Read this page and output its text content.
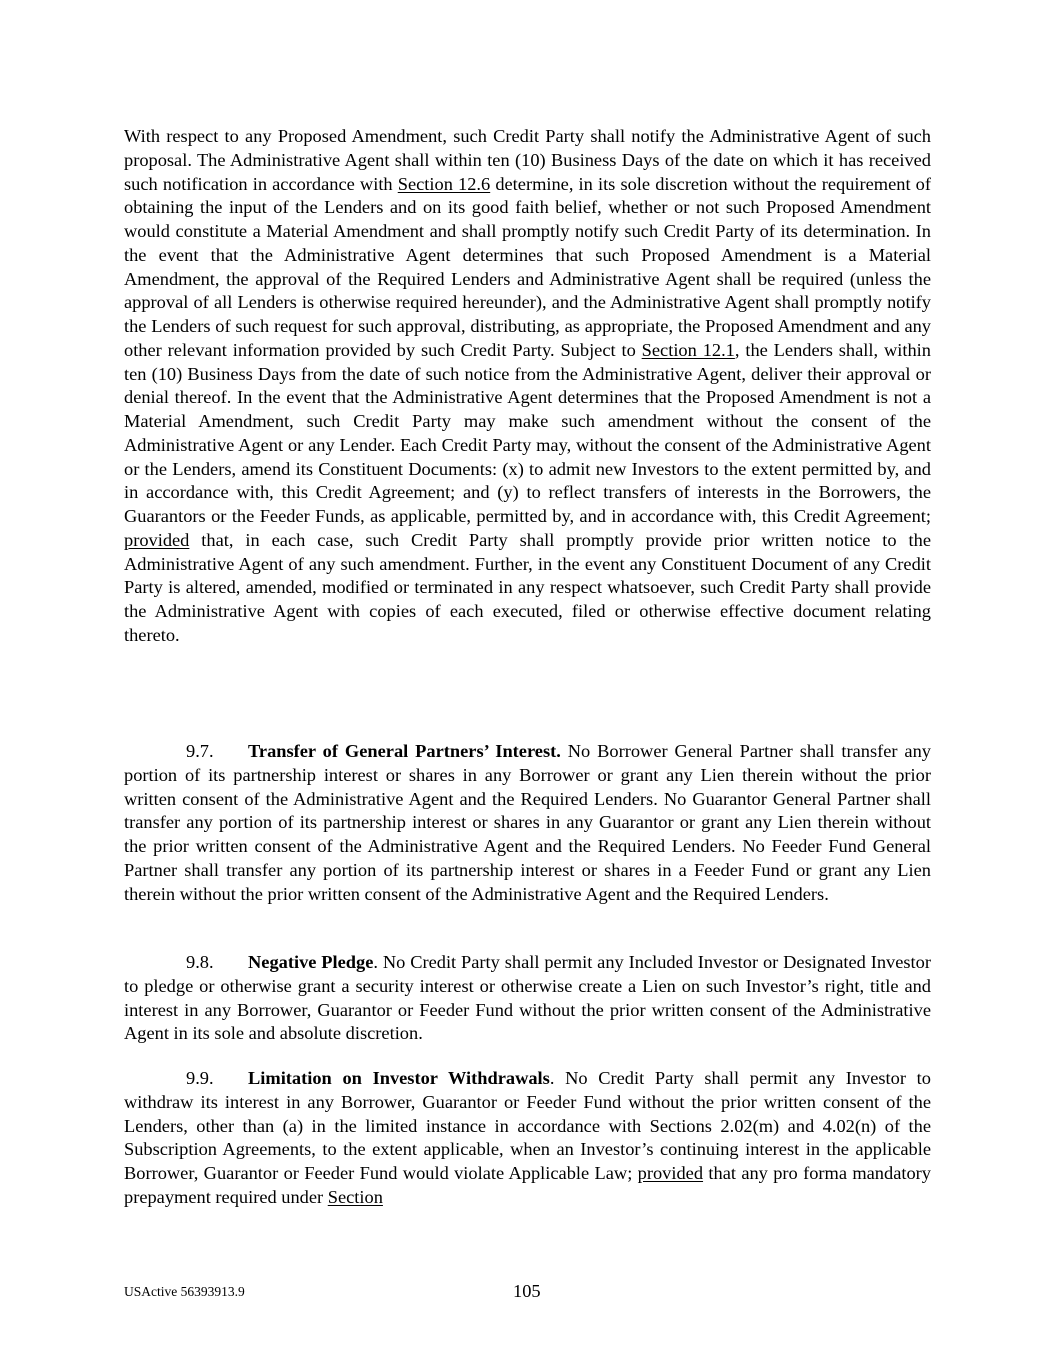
With respect to any Proposed Amendment, such Credit Party shall notify the Administrative Agent of such proposal. The Administrative Agent shall within ten (10) Business Days of the date on which it has received such notification in accordance with Section 12.6 determine, in its sole discretion without the requirement of obtaining the input of the Lenders and on its good faith belief, whether or not such Proposed Amendment would constitute a Material Amendment and shall promptly notify such Credit Party of its determination. In the event that the Administrative Agent determines that such Proposed Amendment is a Material Amendment, the approval of the Required Lenders and Administrative Agent shall be required (unless the approval of all Lenders is otherwise required hereunder), and the Administrative Agent shall promptly notify the Lenders of such request for such approval, distributing, as appropriate, the Proposed Amendment and any other relevant information provided by such Credit Party. Subject to Section 12.1, the Lenders shall, within ten (10) Business Days from the date of such notice from the Administrative Agent, deliver their approval or denial thereof. In the event that the Administrative Agent determines that the Proposed Amendment is not a Material Amendment, such Credit Party may make such amendment without the consent of the Administrative Agent or any Lender. Each Credit Party may, without the consent of the Administrative Agent or the Lenders, amend its Constituent Documents: (x) to admit new Investors to the extent permitted by, and in accordance with, this Credit Agreement; and (y) to reflect transfers of interests in the Borrowers, the Guarantors or the Feeder Funds, as applicable, permitted by, and in accordance with, this Credit Agreement; provided that, in each case, such Credit Party shall promptly provide prior written notice to the Administrative Agent of any such amendment. Further, in the event any Constituent Document of any Credit Party is altered, amended, modified or terminated in any respect whatsoever, such Credit Party shall provide the Administrative Agent with copies of each executed, filed or otherwise effective document relating thereto.

9.7. Transfer of General Partners’ Interest. No Borrower General Partner shall transfer any portion of its partnership interest or shares in any Borrower or grant any Lien therein without the prior written consent of the Administrative Agent and the Required Lenders. No Guarantor General Partner shall transfer any portion of its partnership interest or shares in any Guarantor or grant any Lien therein without the prior written consent of the Administrative Agent and the Required Lenders. No Feeder Fund General Partner shall transfer any portion of its partnership interest or shares in a Feeder Fund or grant any Lien therein without the prior written consent of the Administrative Agent and the Required Lenders.

9.8. Negative Pledge. No Credit Party shall permit any Included Investor or Designated Investor to pledge or otherwise grant a security interest or otherwise create a Lien on such Investor’s right, title and interest in any Borrower, Guarantor or Feeder Fund without the prior written consent of the Administrative Agent in its sole and absolute discretion.

9.9. Limitation on Investor Withdrawals. No Credit Party shall permit any Investor to withdraw its interest in any Borrower, Guarantor or Feeder Fund without the prior written consent of the Lenders, other than (a) in the limited instance in accordance with Sections 2.02(m) and 4.02(n) of the Subscription Agreements, to the extent applicable, when an Investor’s continuing interest in the applicable Borrower, Guarantor or Feeder Fund would violate Applicable Law; provided that any pro forma mandatory prepayment required under Section

USActive 56393913.9	105
